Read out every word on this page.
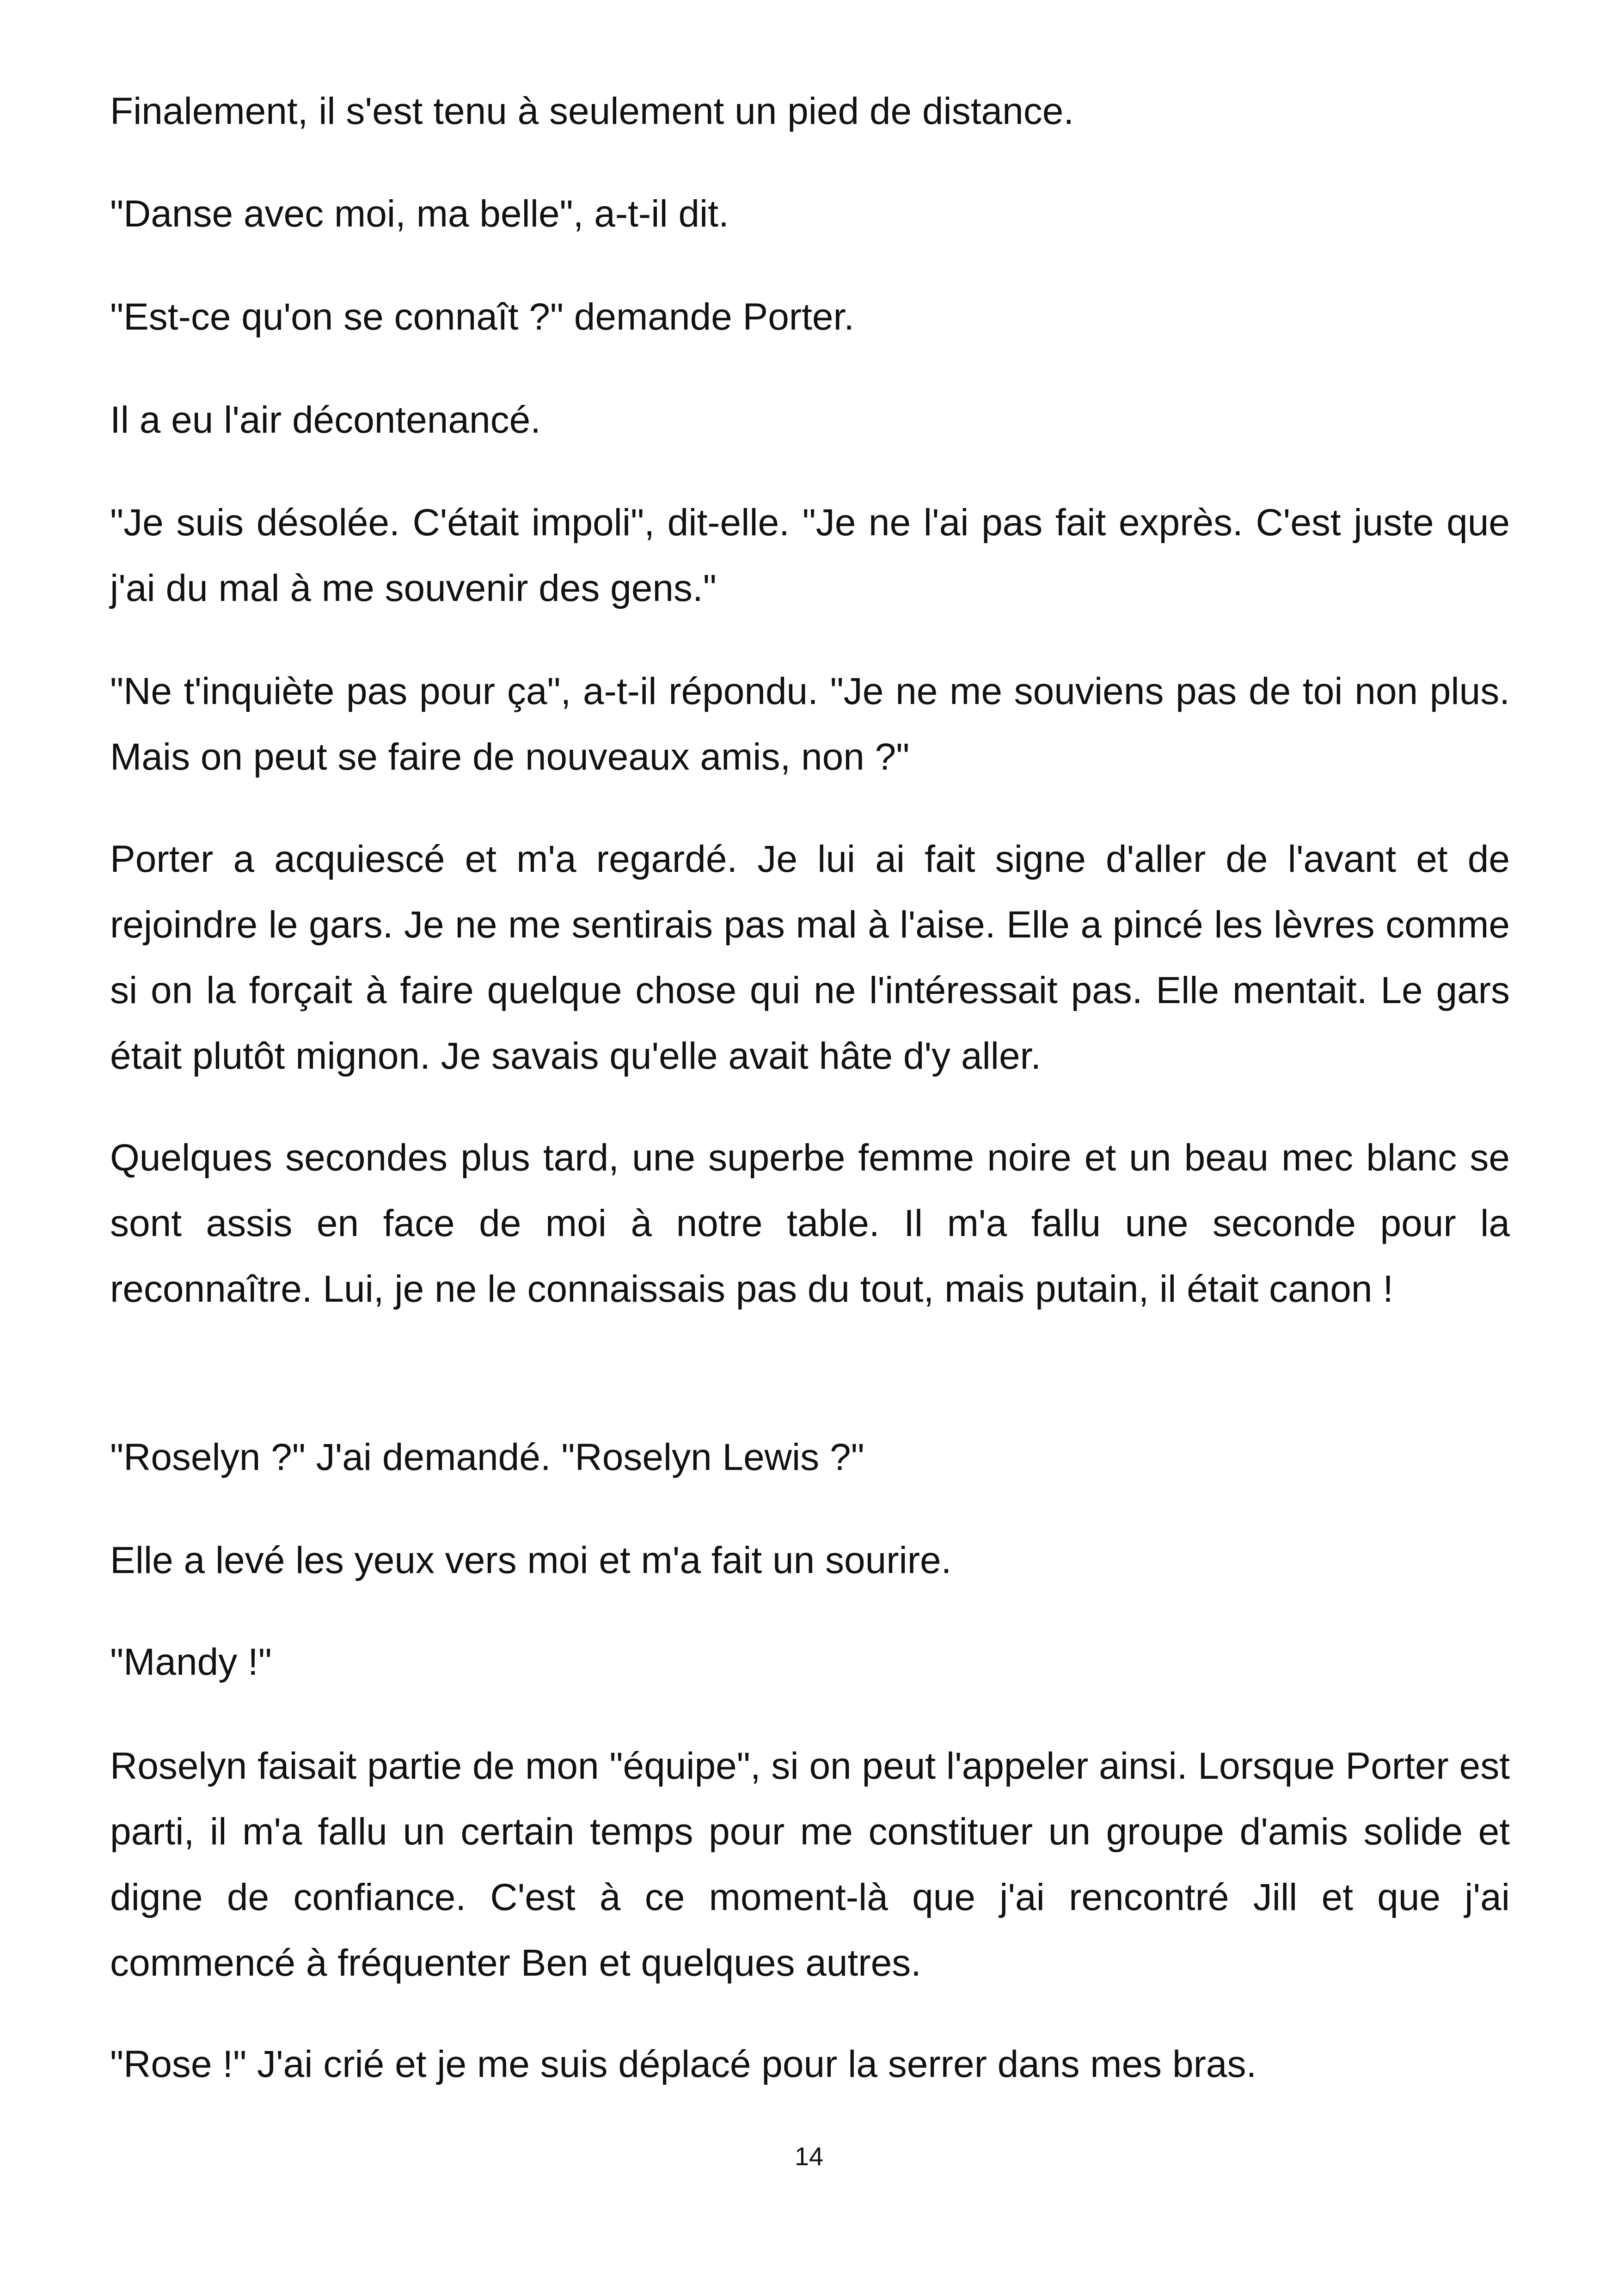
Finalement, il s'est tenu à seulement un pied de distance.

"Danse avec moi, ma belle", a-t-il dit.

"Est-ce qu'on se connaît ?" demande Porter.

Il a eu l'air décontenancé.

"Je suis désolée. C'était impoli", dit-elle. "Je ne l'ai pas fait exprès. C'est juste que j'ai du mal à me souvenir des gens."

"Ne t'inquiète pas pour ça", a-t-il répondu. "Je ne me souviens pas de toi non plus. Mais on peut se faire de nouveaux amis, non ?"

Porter a acquiescé et m'a regardé. Je lui ai fait signe d'aller de l'avant et de rejoindre le gars. Je ne me sentirais pas mal à l'aise. Elle a pincé les lèvres comme si on la forçait à faire quelque chose qui ne l'intéressait pas. Elle mentait. Le gars était plutôt mignon. Je savais qu'elle avait hâte d'y aller.

Quelques secondes plus tard, une superbe femme noire et un beau mec blanc se sont assis en face de moi à notre table. Il m'a fallu une seconde pour la reconnaître. Lui, je ne le connaissais pas du tout, mais putain, il était canon !

"Roselyn ?" J'ai demandé. "Roselyn Lewis ?"

Elle a levé les yeux vers moi et m'a fait un sourire.

"Mandy !"

Roselyn faisait partie de mon "équipe", si on peut l'appeler ainsi. Lorsque Porter est parti, il m'a fallu un certain temps pour me constituer un groupe d'amis solide et digne de confiance. C'est à ce moment-là que j'ai rencontré Jill et que j'ai commencé à fréquenter Ben et quelques autres.

"Rose !" J'ai crié et je me suis déplacé pour la serrer dans mes bras.

14
